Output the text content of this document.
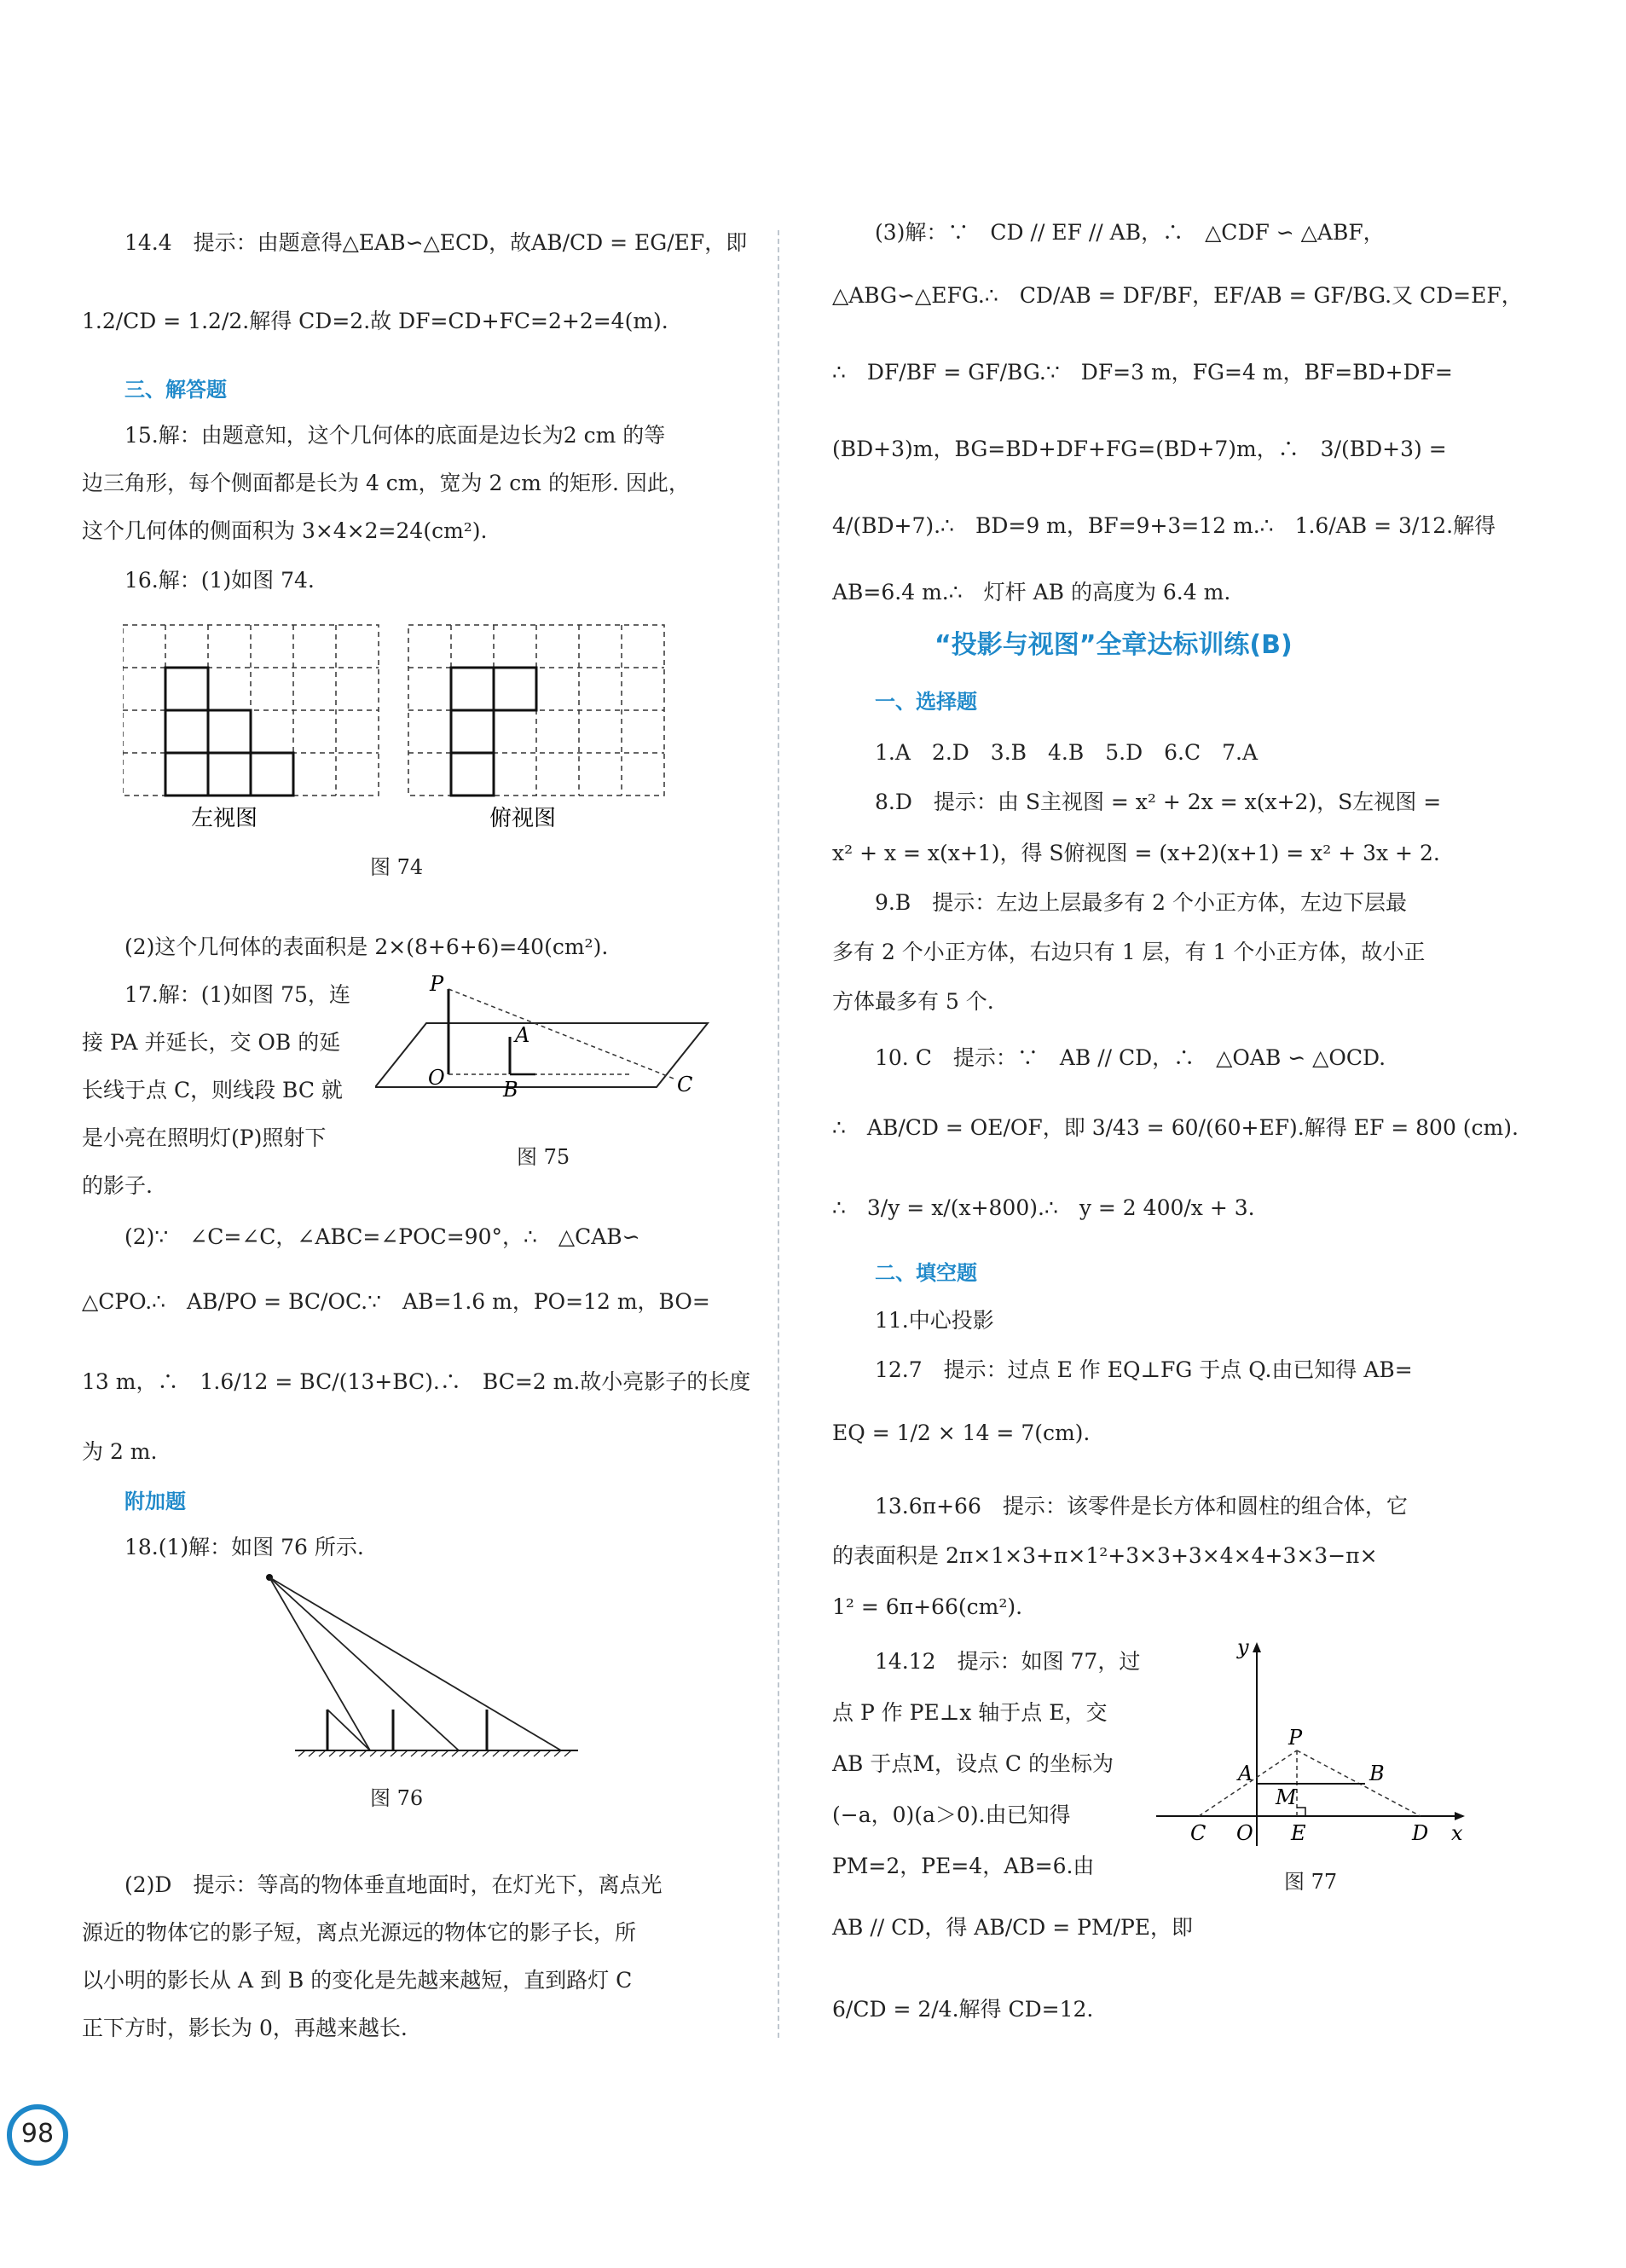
14.4　提示：由题意得△EAB∽△ECD，故AB/CD = EG/EF，即
1.2/CD = 1.2/2.解得 CD=2.故 DF=CD+FC=2+2=4(m).
三、解答题
15.解：由题意知，这个几何体的底面是边长为2 cm 的等
边三角形，每个侧面都是长为 4 cm，宽为 2 cm 的矩形. 因此，
这个几何体的侧面积为 3×4×2=24(cm²).
16.解：(1)如图 74.
左视图	俯视图
图 74
(2)这个几何体的表面积是 2×(8+6+6)=40(cm²).
17.解：(1)如图 75，连
接 PA 并延长，交 OB 的延
长线于点 C，则线段 BC 就
是小亮在照明灯(P)照射下
的影子.
P
A
O	B	C
图 75
(2)∵　∠C=∠C，∠ABC=∠POC=90°，∴　△CAB∽
△CPO.∴　AB/PO = BC/OC.∵　AB=1.6 m，PO=12 m，BO=
13 m，∴　1.6/12 = BC/(13+BC).∴　BC=2 m.故小亮影子的长度
为 2 m.
附加题
18.(1)解：如图 76 所示.
图 76
(2)D　提示：等高的物体垂直地面时，在灯光下，离点光
源近的物体它的影子短，离点光源远的物体它的影子长，所
以小明的影长从 A 到 B 的变化是先越来越短，直到路灯 C
正下方时，影长为 0，再越来越长.
(3)解：∵　CD // EF // AB，∴　△CDF ∽ △ABF，
△ABG∽△EFG.∴　CD/AB = DF/BF，EF/AB = GF/BG.又 CD=EF，
∴　DF/BF = GF/BG.∵　DF=3 m，FG=4 m，BF=BD+DF=
(BD+3)m，BG=BD+DF+FG=(BD+7)m，∴　3/(BD+3) =
4/(BD+7).∴　BD=9 m，BF=9+3=12 m.∴　1.6/AB = 3/12.解得
AB=6.4 m.∴　灯杆 AB 的高度为 6.4 m.
“投影与视图”全章达标训练(B)
一、选择题
1.A　2.D　3.B　4.B　5.D　6.C　7.A
8.D　提示：由 S主视图 = x² + 2x = x(x+2)，S左视图 =
x² + x = x(x+1)，得 S俯视图 = (x+2)(x+1) = x² + 3x + 2.
9.B　提示：左边上层最多有 2 个小正方体，左边下层最
多有 2 个小正方体，右边只有 1 层，有 1 个小正方体，故小正
方体最多有 5 个.
10. C　提示：∵　AB // CD，∴　△OAB ∽ △OCD.
∴　AB/CD = OE/OF，即 3/43 = 60/(60+EF).解得 EF = 800 (cm).
∴　3/y = x/(x+800).∴　y = 2 400/x + 3.
二、填空题
11.中心投影
12.7　提示：过点 E 作 EQ⊥FG 于点 Q.由已知得 AB=
EQ = 1/2 × 14 = 7(cm).
13.6π+66　提示：该零件是长方体和圆柱的组合体，它
的表面积是 2π×1×3+π×1²+3×3+3×4×4+3×3−π×
1² = 6π+66(cm²).
14.12　提示：如图 77，过
点 P 作 PE⊥x 轴于点 E，交
AB 于点M，设点 C 的坐标为
(−a，0)(a＞0).由已知得
PM=2，PE=4，AB=6.由
AB // CD，得 AB/CD = PM/PE，即
6/CD = 2/4.解得 CD=12.
y
P
A	B
M
C O E	D x
图 77
98
